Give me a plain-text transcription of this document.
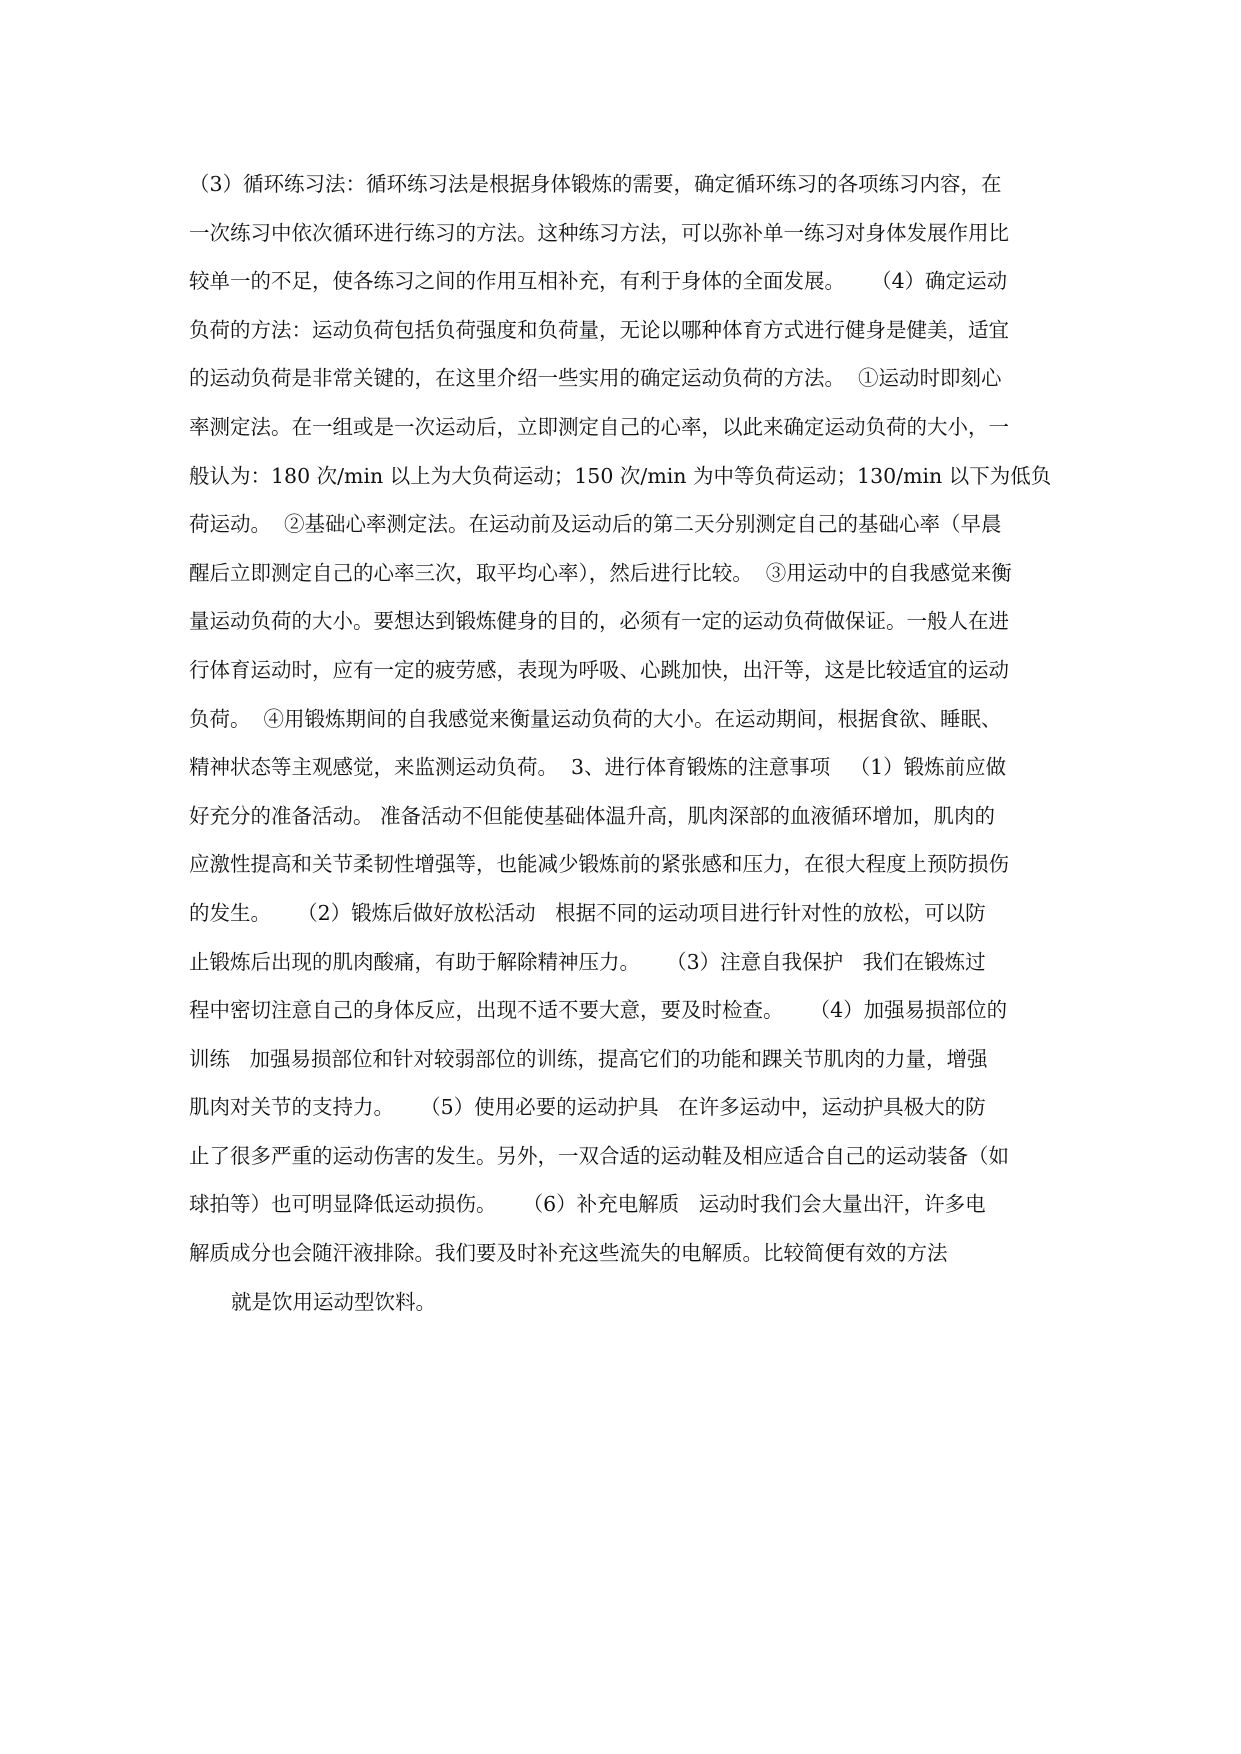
（3）循环练习法：循环练习法是根据身体锻炼的需要，确定循环练习的各项练习内容，在

一次练习中依次循环进行练习的方法。这种练习方法，可以弥补单一练习对身体发展作用比

较单一的不足，使各练习之间的作用互相补充，有利于身体的全面发展。    （4）确定运动

负荷的方法：运动负荷包括负荷强度和负荷量，无论以哪种体育方式进行健身是健美，适宜

的运动负荷是非常关键的，在这里介绍一些实用的确定运动负荷的方法。  ①运动时即刻心

率测定法。在一组或是一次运动后，立即测定自己的心率，以此来确定运动负荷的大小，一

般认为：180 次/min 以上为大负荷运动；150 次/min 为中等负荷运动；130/min 以下为低负

荷运动。  ②基础心率测定法。在运动前及运动后的第二天分别测定自己的基础心率（早晨

醒后立即测定自己的心率三次，取平均心率），然后进行比较。  ③用运动中的自我感觉来衡

量运动负荷的大小。要想达到锻炼健身的目的，必须有一定的运动负荷做保证。一般人在进

行体育运动时，应有一定的疲劳感，表现为呼吸、心跳加快，出汗等，这是比较适宜的运动

负荷。  ④用锻炼期间的自我感觉来衡量运动负荷的大小。在运动期间，根据食欲、睡眠、

精神状态等主观感觉，来监测运动负荷。  3、进行体育锻炼的注意事项   （1）锻炼前应做

好充分的准备活动。 准备活动不但能使基础体温升高，肌肉深部的血液循环增加，肌肉的

应激性提高和关节柔韧性增强等，也能减少锻炼前的紧张感和压力，在很大程度上预防损伤

的发生。    （2）锻炼后做好放松活动   根据不同的运动项目进行针对性的放松，可以防

止锻炼后出现的肌肉酸痛，有助于解除精神压力。    （3）注意自我保护   我们在锻炼过

程中密切注意自己的身体反应，出现不适不要大意，要及时检查。    （4）加强易损部位的

训练   加强易损部位和针对较弱部位的训练，提高它们的功能和踝关节肌肉的力量，增强

肌肉对关节的支持力。    （5）使用必要的运动护具   在许多运动中，运动护具极大的防

止了很多严重的运动伤害的发生。另外，一双合适的运动鞋及相应适合自己的运动装备（如

球拍等）也可明显降低运动损伤。    （6）补充电解质   运动时我们会大量出汗，许多电

解质成分也会随汗液排除。我们要及时补充这些流失的电解质。比较简便有效的方法

就是饮用运动型饮料。
